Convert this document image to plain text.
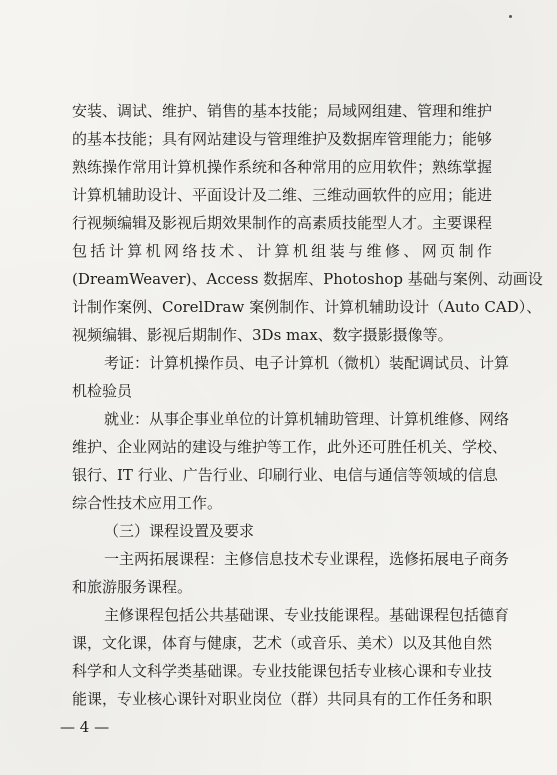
安装、调试、维护、销售的基本技能；局域网组建、管理和维护
的基本技能；具有网站建设与管理维护及数据库管理能力；能够
熟练操作常用计算机操作系统和各种常用的应用软件；熟练掌握
计算机辅助设计、平面设计及二维、三维动画软件的应用；能进
行视频编辑及影视后期效果制作的高素质技能型人才。主要课程
包括计算机网络技术、计算机组装与维修、网页制作
(DreamWeaver)、Access 数据库、Photoshop 基础与案例、动画设
计制作案例、CorelDraw 案例制作、计算机辅助设计（Auto CAD）、
视频编辑、影视后期制作、3Ds max、数字摄影摄像等。
考证：计算机操作员、电子计算机（微机）装配调试员、计算
机检验员
就业：从事企事业单位的计算机辅助管理、计算机维修、网络
维护、企业网站的建设与维护等工作，此外还可胜任机关、学校、
银行、IT 行业、广告行业、印刷行业、电信与通信等领域的信息
综合性技术应用工作。
（三）课程设置及要求
一主两拓展课程：主修信息技术专业课程，选修拓展电子商务
和旅游服务课程。
主修课程包括公共基础课、专业技能课程。基础课程包括德育
课，文化课，体育与健康，艺术（或音乐、美术）以及其他自然
科学和人文科学类基础课。专业技能课包括专业核心课和专业技
能课，专业核心课针对职业岗位（群）共同具有的工作任务和职
— 4 —
